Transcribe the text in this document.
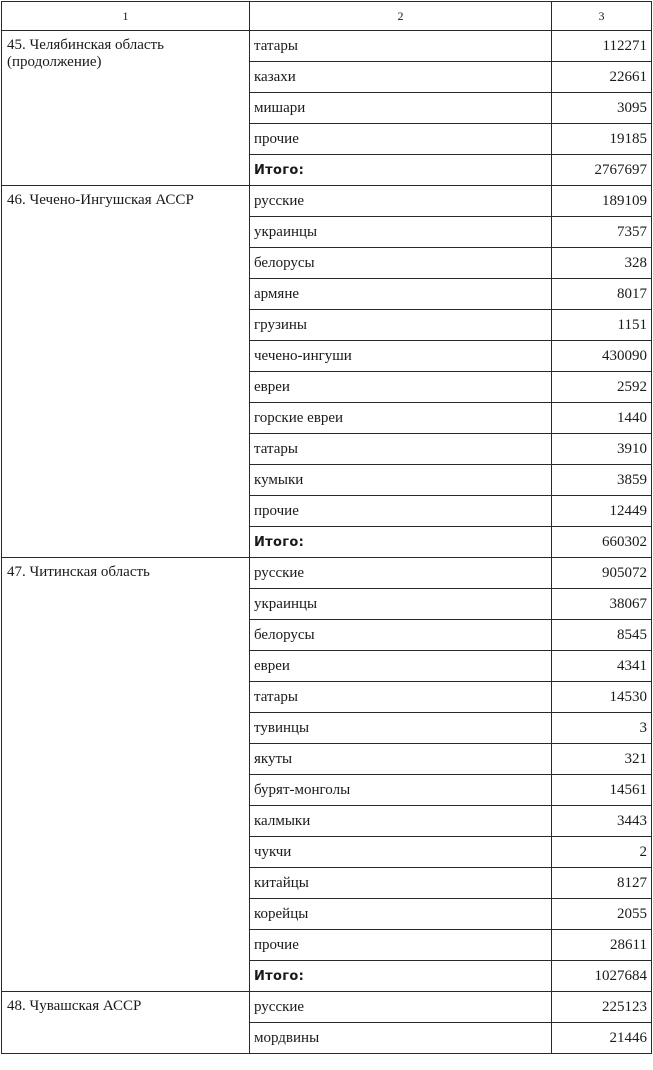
1	2	3
45. Челябинская область
(продолжение)	татары	112271
	казахи	22661
	мишари	3095
	прочие	19185
	Итого:	2767697
46. Чечено-Ингушская АССР	русские	189109
	украинцы	7357
	белорусы	328
	армяне	8017
	грузины	1151
	чечено-ингуши	430090
	евреи	2592
	горские евреи	1440
	татары	3910
	кумыки	3859
	прочие	12449
	Итого:	660302
47. Читинская область	русские	905072
	украинцы	38067
	белорусы	8545
	евреи	4341
	татары	14530
	тувинцы	3
	якуты	321
	бурят-монголы	14561
	калмыки	3443
	чукчи	2
	китайцы	8127
	корейцы	2055
	прочие	28611
	Итого:	1027684
48. Чувашская АССР	русские	225123
	мордвины	21446
